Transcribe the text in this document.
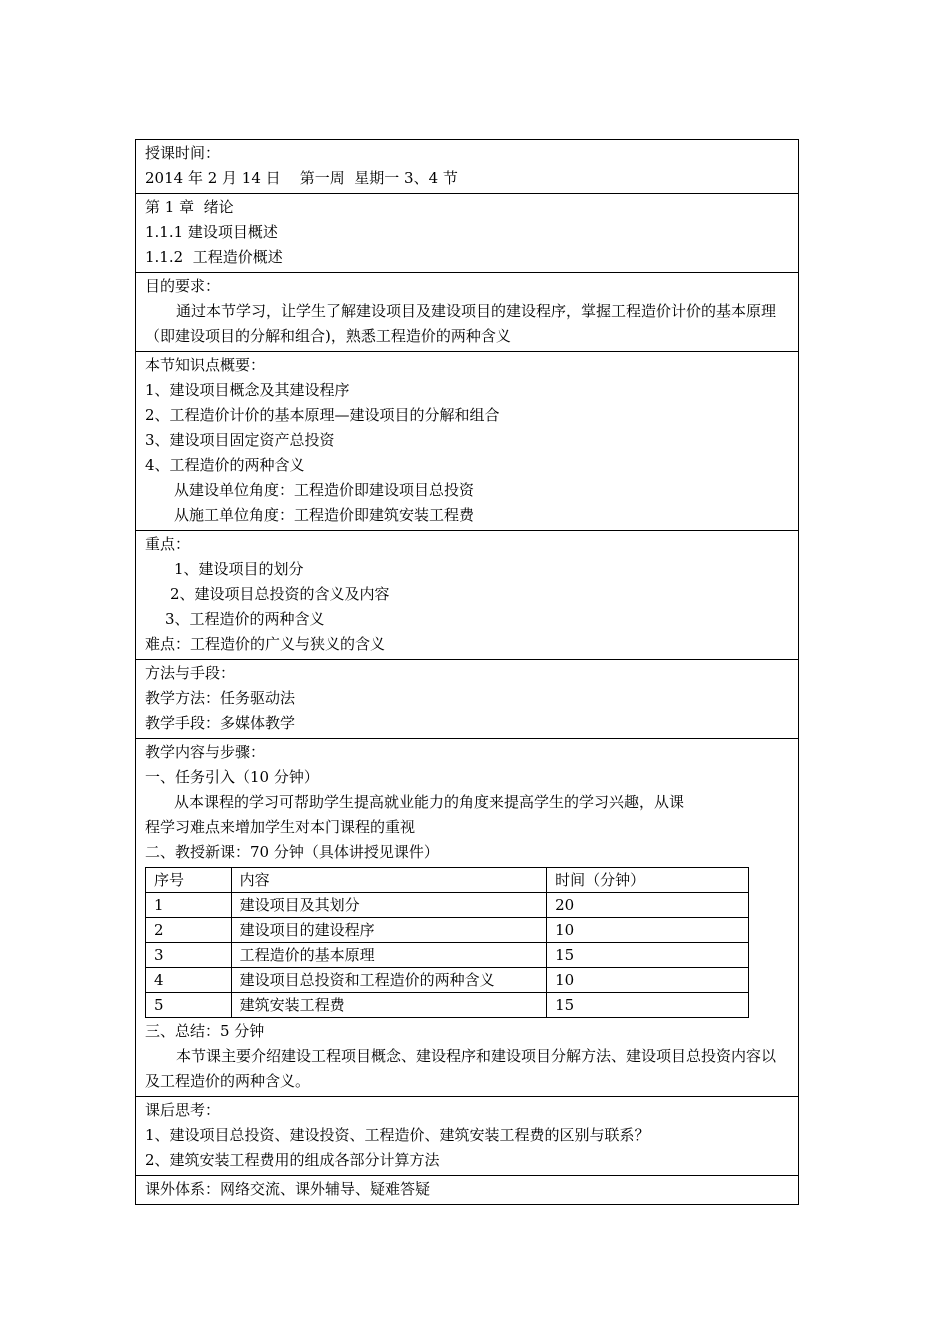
授课时间：
2014 年 2 月 14 日    第一周  星期一 3、4 节
第 1 章  绪论
1.1.1 建设项目概述
1.1.2  工程造价概述
目的要求：
通过本节学习，让学生了解建设项目及建设项目的建设程序，掌握工程造价计价的基本原理（即建设项目的分解和组合)，熟悉工程造价的两种含义
本节知识点概要：
1、建设项目概念及其建设程序
2、工程造价计价的基本原理—建设项目的分解和组合
3、建设项目固定资产总投资
4、工程造价的两种含义
从建设单位角度：工程造价即建设项目总投资
从施工单位角度：工程造价即建筑安装工程费
重点：
1、建设项目的划分
2、建设项目总投资的含义及内容
3、工程造价的两种含义
难点：工程造价的广义与狭义的含义
方法与手段：
教学方法：任务驱动法
教学手段：多媒体教学
教学内容与步骤：
一、任务引入（10 分钟）
从本课程的学习可帮助学生提高就业能力的角度来提高学生的学习兴趣，从课
程学习难点来增加学生对本门课程的重视
二、教授新课：70 分钟（具体讲授见课件）
序号	内容	时间（分钟）
1	建设项目及其划分	20
2	建设项目的建设程序	10
3	工程造价的基本原理	15
4	建设项目总投资和工程造价的两种含义	10
5	建筑安装工程费	15
三、总结：5 分钟
本节课主要介绍建设工程项目概念、建设程序和建设项目分解方法、建设项目总投资内容以及工程造价的两种含义。
课后思考：
1、建设项目总投资、建设投资、工程造价、建筑安装工程费的区别与联系？
2、建筑安装工程费用的组成各部分计算方法
课外体系：网络交流、课外辅导、疑难答疑
